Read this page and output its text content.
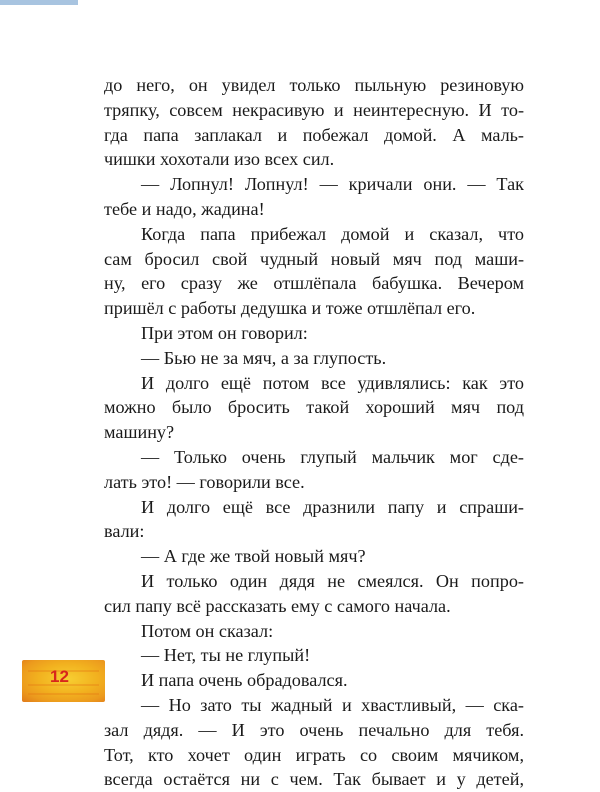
до него, он увидел только пыльную резиновую
тряпку, совсем некрасивую и неинтересную. И то-
гда папа заплакал и побежал домой. А маль-
чишки хохотали изо всех сил.
— Лопнул! Лопнул! — кричали они. — Так
тебе и надо, жадина!
Когда папа прибежал домой и сказал, что
сам бросил свой чудный новый мяч под маши-
ну, его сразу же отшлёпала бабушка. Вечером
пришёл с работы дедушка и тоже отшлёпал его.
При этом он говорил:
— Бью не за мяч, а за глупость.
И долго ещё потом все удивлялись: как это
можно было бросить такой хороший мяч под
машину?
— Только очень глупый мальчик мог сде-
лать это! — говорили все.
И долго ещё все дразнили папу и спраши-
вали:
— А где же твой новый мяч?
И только один дядя не смеялся. Он попро-
сил папу всё рассказать ему с самого начала.
Потом он сказал:
— Нет, ты не глупый!
И папа очень обрадовался.
— Но зато ты жадный и хвастливый, — ска-
зал дядя. — И это очень печально для тебя.
Тот, кто хочет один играть со своим мячиком,
всегда остаётся ни с чем. Так бывает и у детей,
12
